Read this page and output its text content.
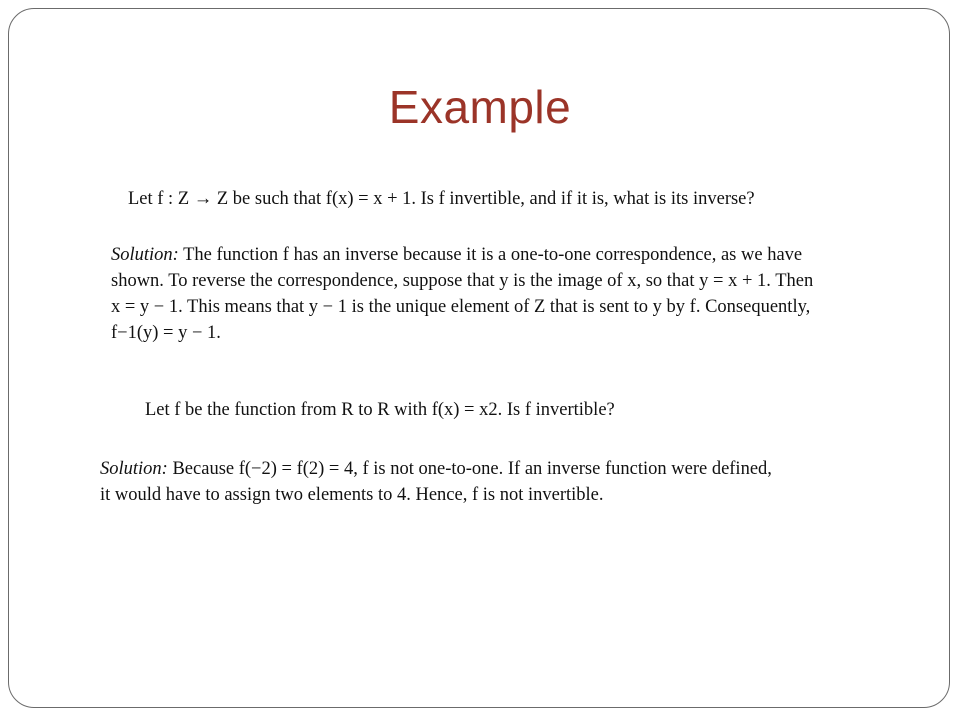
Example
Let f : Z → Z be such that f(x) = x + 1. Is f invertible, and if it is, what is its inverse?
Solution: The function f has an inverse because it is a one-to-one correspondence, as we have
shown. To reverse the correspondence, suppose that y is the image of x, so that y = x + 1. Then
x = y − 1. This means that y − 1 is the unique element of Z that is sent to y by f. Consequently,
f−1(y) = y − 1.
Let f be the function from R to R with f(x) = x2. Is f invertible?
Solution: Because f(−2) = f(2) = 4, f is not one-to-one. If an inverse function were defined,
it would have to assign two elements to 4. Hence, f is not invertible.
